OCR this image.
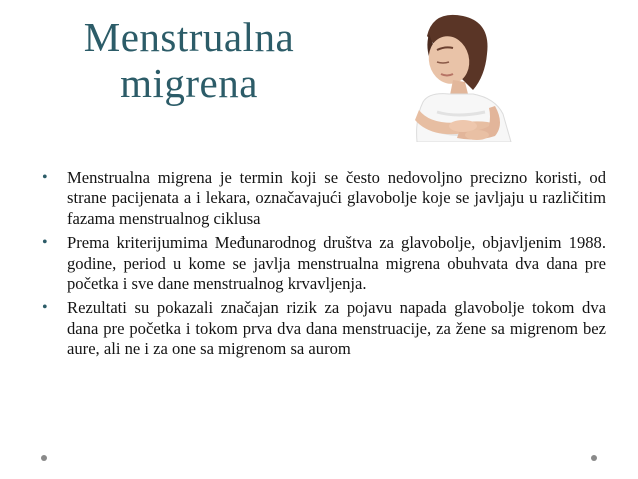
Menstrualna
migrena
•	Menstrualna migrena je termin koji se često nedovoljno precizno koristi, od strane pacijenata a i lekara, označavajući glavobolje koje se javljaju u različitim fazama menstrualnog ciklusa
•	Prema kriterijumima Međunarodnog društva za glavobolje, objavljenim 1988. godine, period u kome se javlja menstrualna migrena obuhvata dva dana pre početka i sve dane menstrualnog krvavljenja.
•	Rezultati su pokazali značajan rizik za pojavu napada glavobolje tokom dva dana pre početka i tokom prva dva dana menstruacije, za žene sa migrenom bez aure, ali ne i za one sa migrenom sa aurom
